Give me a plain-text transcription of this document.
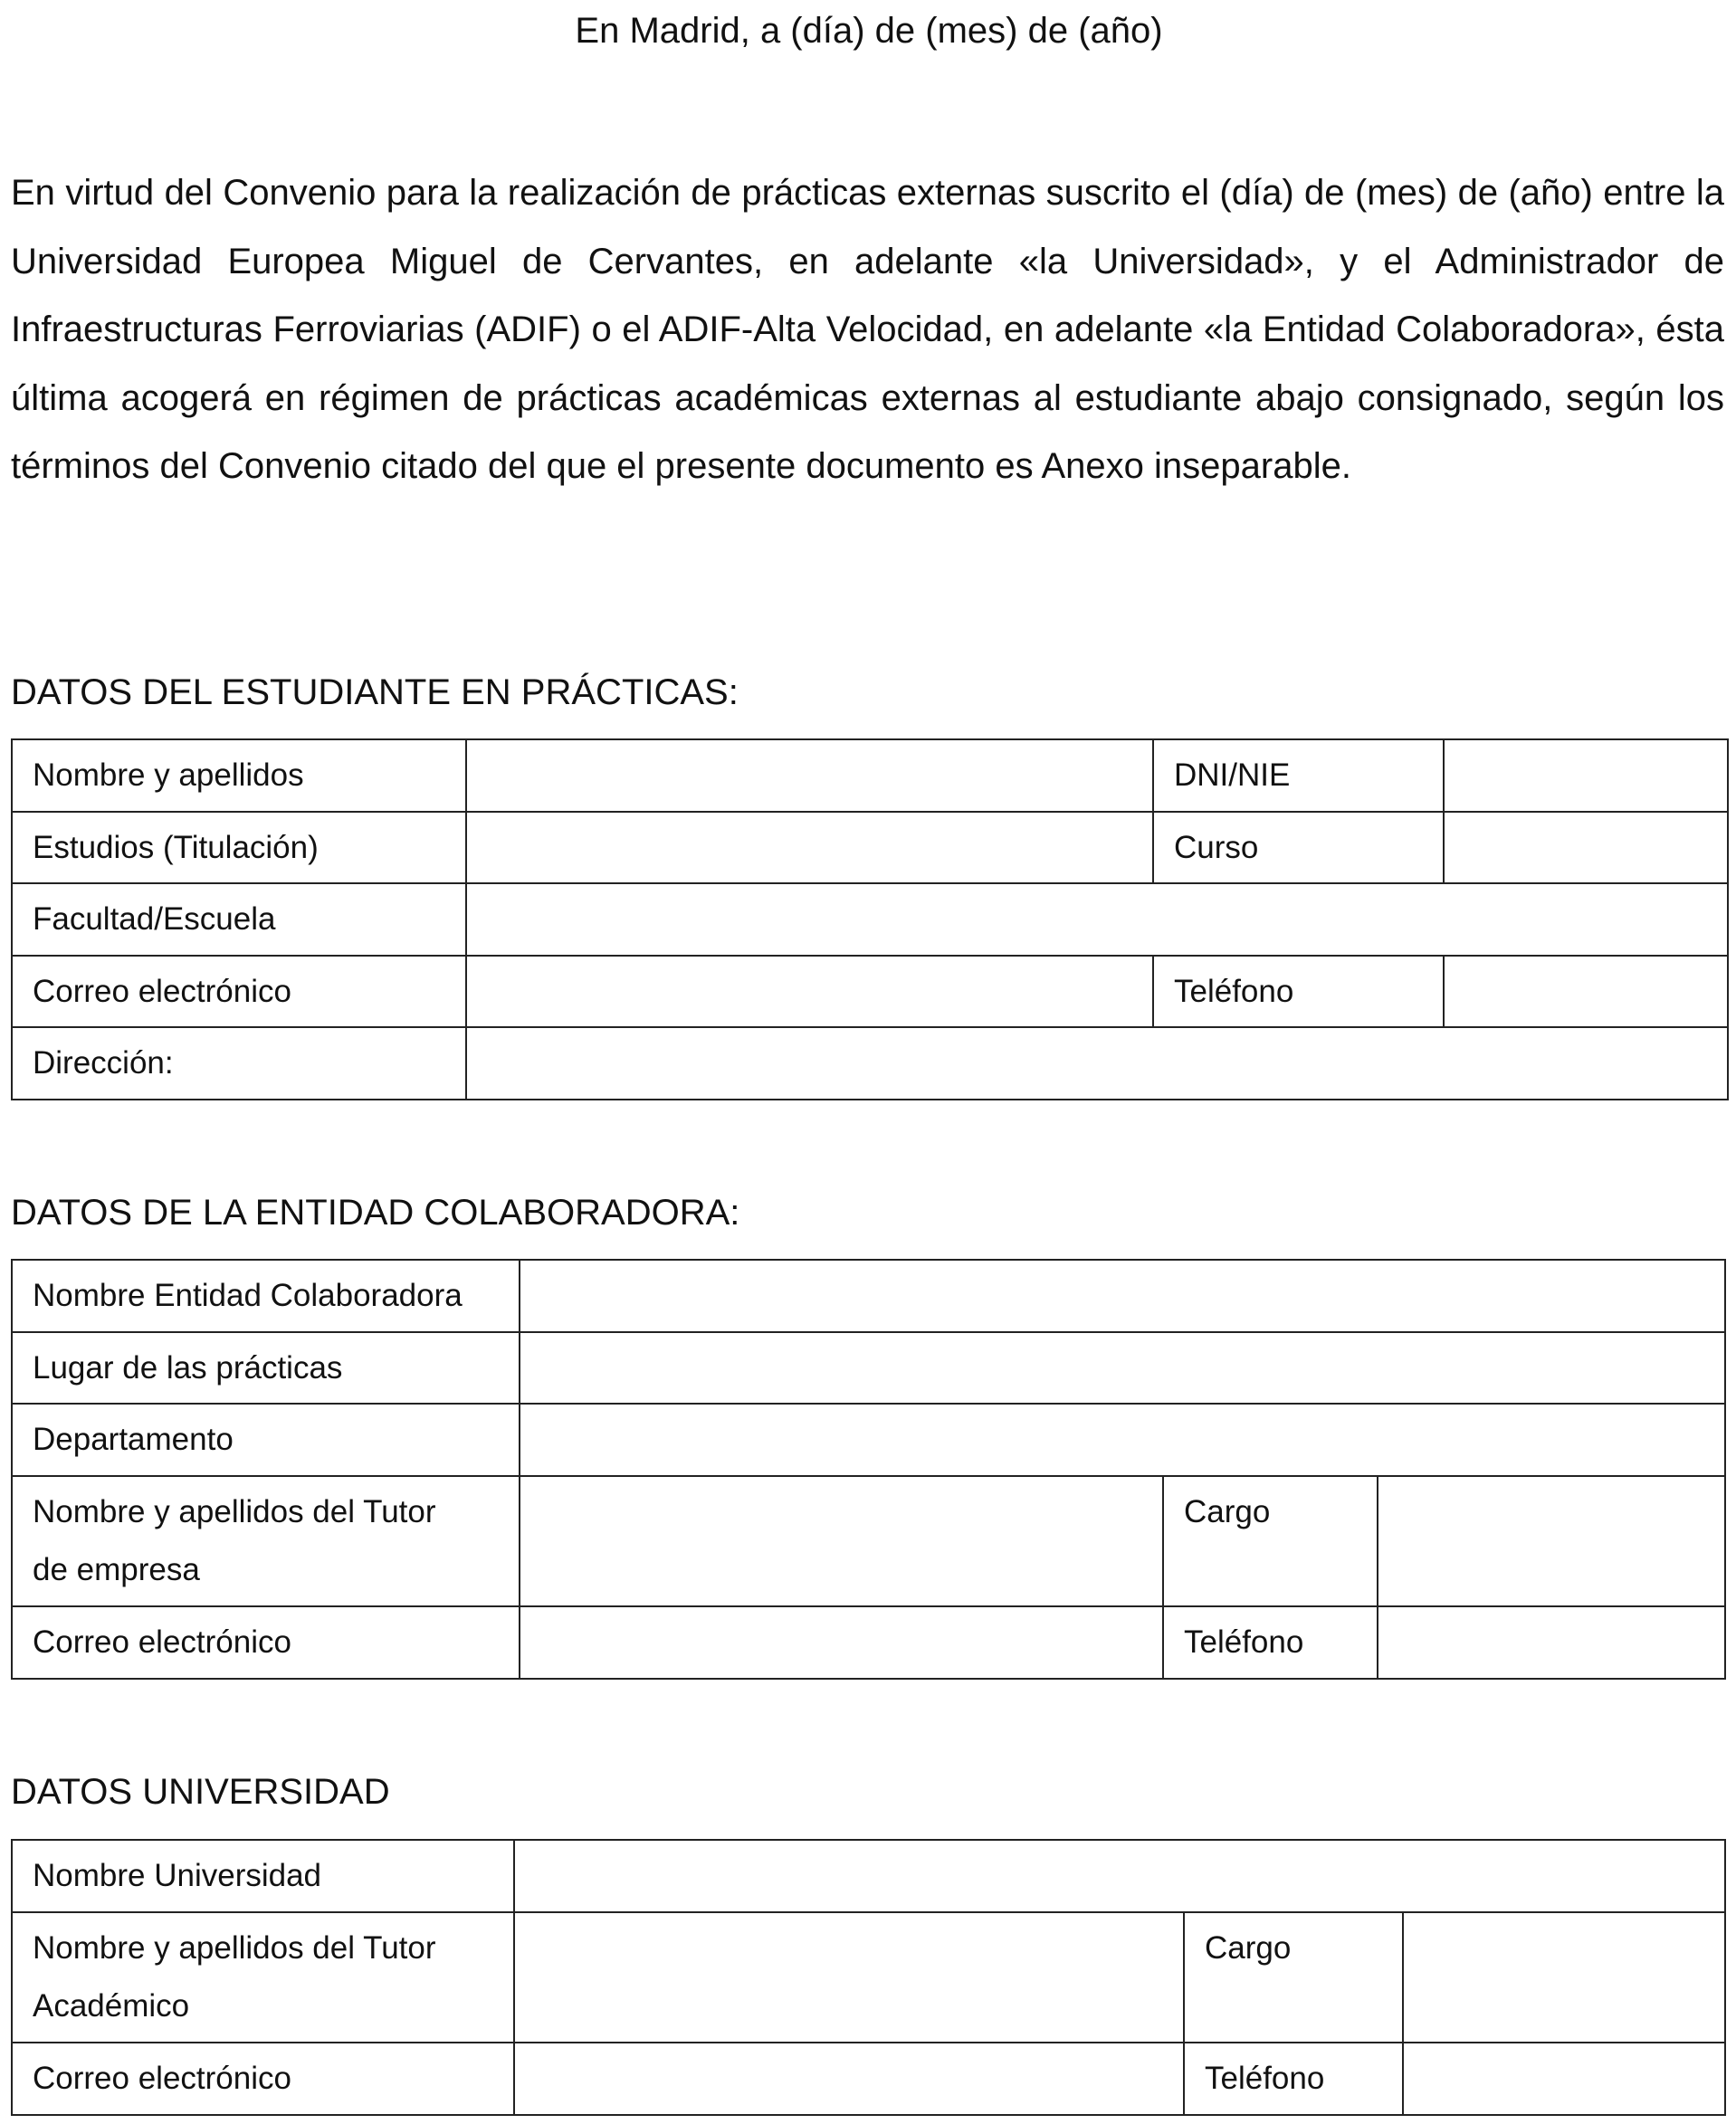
En Madrid, a (día) de (mes) de (año)

En virtud del Convenio para la realización de prácticas externas suscrito el (día) de (mes) de (año) entre la Universidad Europea Miguel de Cervantes, en adelante «la Universidad», y el Administrador de Infraestructuras Ferroviarias (ADIF) o el ADIF-Alta Velocidad, en adelante «la Entidad Colaboradora», ésta última acogerá en régimen de prácticas académicas externas al estudiante abajo consignado, según los términos del Convenio citado del que el presente documento es Anexo inseparable.

DATOS DEL ESTUDIANTE EN PRÁCTICAS:
Nombre y apellidos		DNI/NIE	
Estudios (Titulación)		Curso	
Facultad/Escuela			
Correo electrónico		Teléfono	
Dirección:			
DATOS DE LA ENTIDAD COLABORADORA:
Nombre Entidad Colaboradora			
Lugar de las prácticas			
Departamento			
Nombre y apellidos del Tutor
de empresa		Cargo	
Correo electrónico		Teléfono	
DATOS UNIVERSIDAD
Nombre Universidad			
Nombre y apellidos del Tutor
Académico		Cargo	
Correo electrónico		Teléfono	
